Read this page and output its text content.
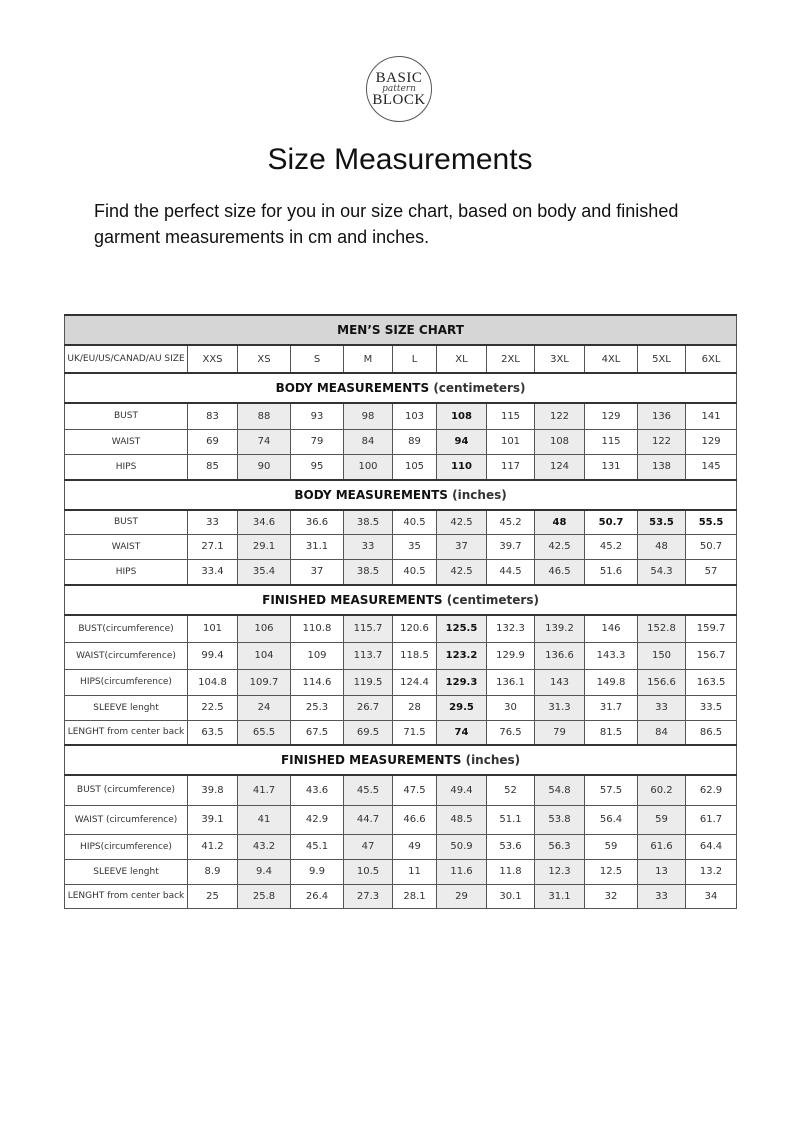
BASIC
pattern
BLOCK
Size Measurements
Find the perfect size for you in our size chart, based on body and finished garment measurements in cm and inches.
MEN’S SIZE CHART											
UK/EU/US/CANAD/AU SIZE	XXS	XS	S	M	L	XL	2XL	3XL	4XL	5XL	6XL
BODY MEASUREMENTS (centimeters)											
BUST	83	88	93	98	103	108	115	122	129	136	141
WAIST	69	74	79	84	89	94	101	108	115	122	129
HIPS	85	90	95	100	105	110	117	124	131	138	145
BODY MEASUREMENTS (inches)											
BUST	33	34.6	36.6	38.5	40.5	42.5	45.2	48	50.7	53.5	55.5
WAIST	27.1	29.1	31.1	33	35	37	39.7	42.5	45.2	48	50.7
HIPS	33.4	35.4	37	38.5	40.5	42.5	44.5	46.5	51.6	54.3	57
FINISHED MEASUREMENTS (centimeters)											
BUST(circumference)	101	106	110.8	115.7	120.6	125.5	132.3	139.2	146	152.8	159.7
WAIST(circumference)	99.4	104	109	113.7	118.5	123.2	129.9	136.6	143.3	150	156.7
HIPS(circumference)	104.8	109.7	114.6	119.5	124.4	129.3	136.1	143	149.8	156.6	163.5
SLEEVE lenght	22.5	24	25.3	26.7	28	29.5	30	31.3	31.7	33	33.5
LENGHT from center back	63.5	65.5	67.5	69.5	71.5	74	76.5	79	81.5	84	86.5
FINISHED MEASUREMENTS (inches)											
BUST (circumference)	39.8	41.7	43.6	45.5	47.5	49.4	52	54.8	57.5	60.2	62.9
WAIST (circumference)	39.1	41	42.9	44.7	46.6	48.5	51.1	53.8	56.4	59	61.7
HIPS(circumference)	41.2	43.2	45.1	47	49	50.9	53.6	56.3	59	61.6	64.4
SLEEVE lenght	8.9	9.4	9.9	10.5	11	11.6	11.8	12.3	12.5	13	13.2
LENGHT from center back	25	25.8	26.4	27.3	28.1	29	30.1	31.1	32	33	34
